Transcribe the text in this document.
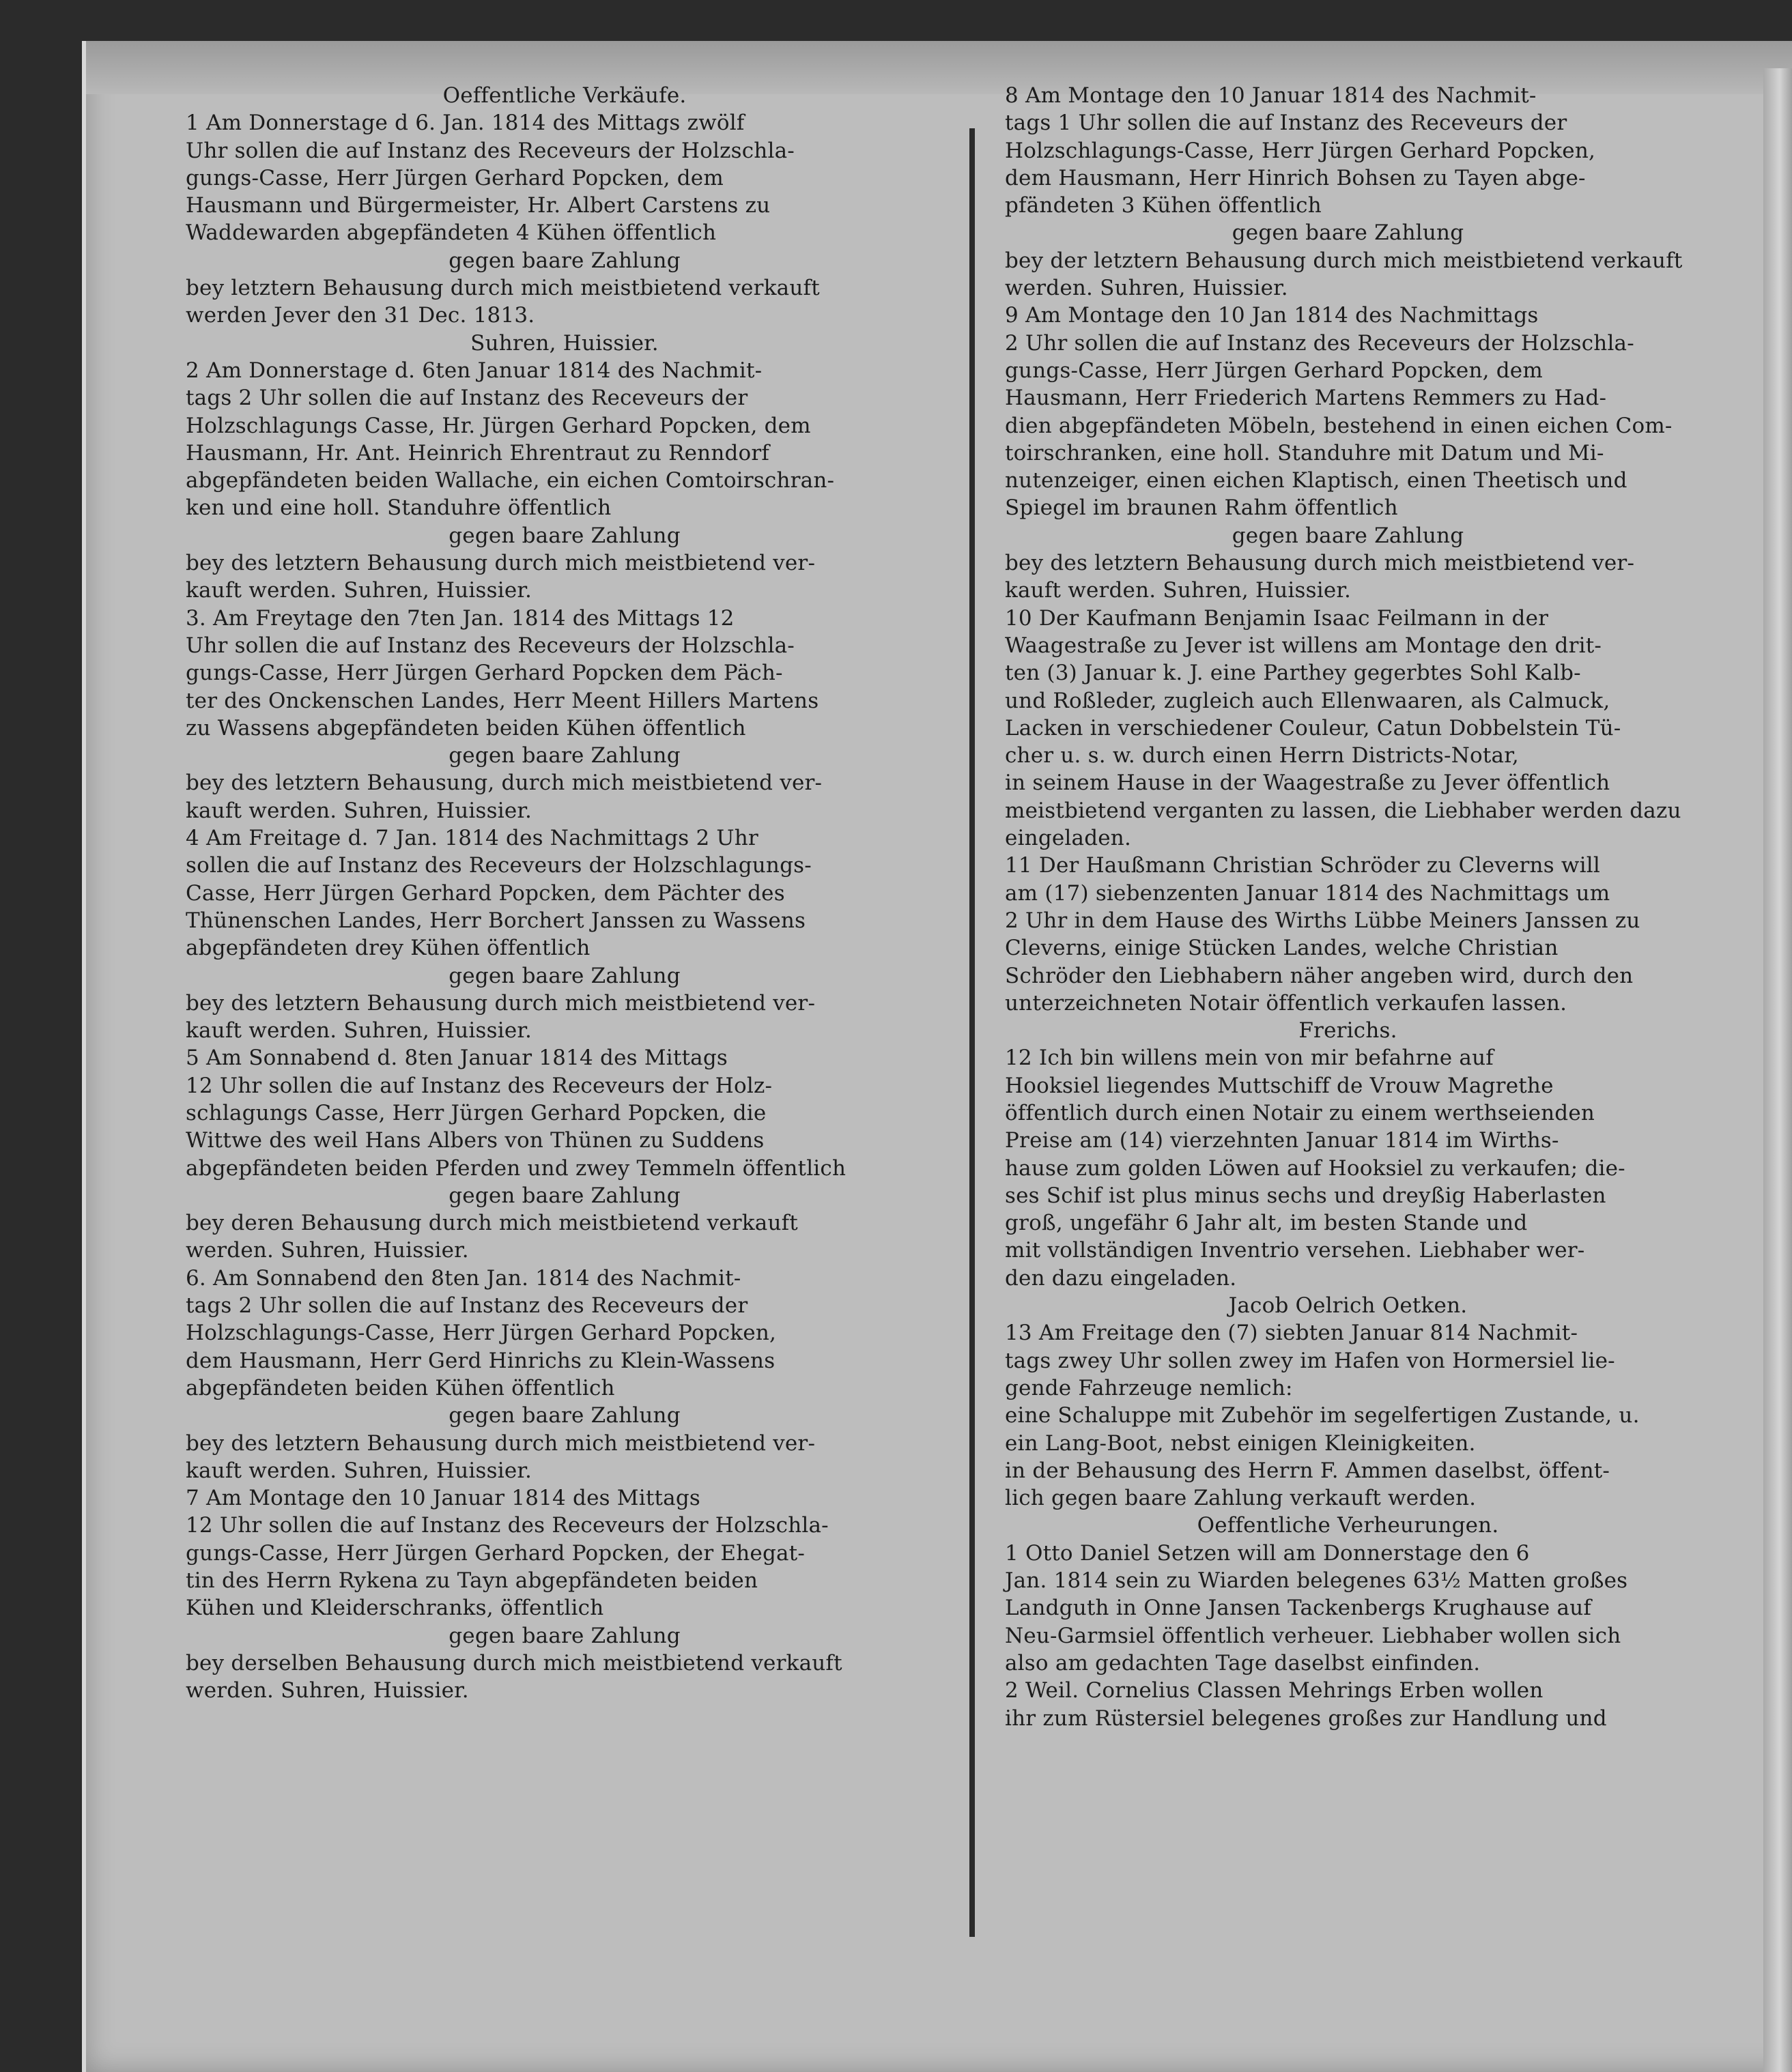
Oeffentliche Verkäufe.

1 Am Donnerstage d 6. Jan. 1814 des Mittags zwölf

Uhr sollen die auf Instanz des Receveurs der Holzschla-

gungs-Casse, Herr Jürgen Gerhard Popcken, dem

Hausmann und Bürgermeister, Hr. Albert Carstens zu

Waddewarden abgepfändeten 4 Kühen öffentlich

gegen baare Zahlung

bey letztern Behausung durch mich meistbietend verkauft

werden Jever den 31 Dec. 1813.

Suhren, Huissier.

2 Am Donnerstage d. 6ten Januar 1814 des Nachmit-

tags 2 Uhr sollen die auf Instanz des Receveurs der

Holzschlagungs Casse, Hr. Jürgen Gerhard Popcken, dem

Hausmann, Hr. Ant. Heinrich Ehrentraut zu Renndorf

abgepfändeten beiden Wallache, ein eichen Comtoirschran-

ken und eine holl. Standuhre öffentlich

gegen baare Zahlung

bey des letztern Behausung durch mich meistbietend ver-

kauft werden. Suhren, Huissier.

3. Am Freytage den 7ten Jan. 1814 des Mittags 12

Uhr sollen die auf Instanz des Receveurs der Holzschla-

gungs-Casse, Herr Jürgen Gerhard Popcken dem Päch-

ter des Onckenschen Landes, Herr Meent Hillers Martens

zu Wassens abgepfändeten beiden Kühen öffentlich

gegen baare Zahlung

bey des letztern Behausung, durch mich meistbietend ver-

kauft werden. Suhren, Huissier.

4 Am Freitage d. 7 Jan. 1814 des Nachmittags 2 Uhr

sollen die auf Instanz des Receveurs der Holzschlagungs-

Casse, Herr Jürgen Gerhard Popcken, dem Pächter des

Thünenschen Landes, Herr Borchert Janssen zu Wassens

abgepfändeten drey Kühen öffentlich

gegen baare Zahlung

bey des letztern Behausung durch mich meistbietend ver-

kauft werden. Suhren, Huissier.

5 Am Sonnabend d. 8ten Januar 1814 des Mittags

12 Uhr sollen die auf Instanz des Receveurs der Holz-

schlagungs Casse, Herr Jürgen Gerhard Popcken, die

Wittwe des weil Hans Albers von Thünen zu Suddens

abgepfändeten beiden Pferden und zwey Temmeln öffentlich

gegen baare Zahlung

bey deren Behausung durch mich meistbietend verkauft

werden. Suhren, Huissier.

6. Am Sonnabend den 8ten Jan. 1814 des Nachmit-

tags 2 Uhr sollen die auf Instanz des Receveurs der

Holzschlagungs-Casse, Herr Jürgen Gerhard Popcken,

dem Hausmann, Herr Gerd Hinrichs zu Klein-Wassens

abgepfändeten beiden Kühen öffentlich

gegen baare Zahlung

bey des letztern Behausung durch mich meistbietend ver-

kauft werden. Suhren, Huissier.

7 Am Montage den 10 Januar 1814 des Mittags

12 Uhr sollen die auf Instanz des Receveurs der Holzschla-

gungs-Casse, Herr Jürgen Gerhard Popcken, der Ehegat-

tin des Herrn Rykena zu Tayn abgepfändeten beiden

Kühen und Kleiderschranks, öffentlich

gegen baare Zahlung

bey derselben Behausung durch mich meistbietend verkauft

werden. Suhren, Huissier.

8 Am Montage den 10 Januar 1814 des Nachmit-

tags 1 Uhr sollen die auf Instanz des Receveurs der

Holzschlagungs-Casse, Herr Jürgen Gerhard Popcken,

dem Hausmann, Herr Hinrich Bohsen zu Tayen abge-

pfändeten 3 Kühen öffentlich

gegen baare Zahlung

bey der letztern Behausung durch mich meistbietend verkauft

werden. Suhren, Huissier.

9 Am Montage den 10 Jan 1814 des Nachmittags

2 Uhr sollen die auf Instanz des Receveurs der Holzschla-

gungs-Casse, Herr Jürgen Gerhard Popcken, dem

Hausmann, Herr Friederich Martens Remmers zu Had-

dien abgepfändeten Möbeln, bestehend in einen eichen Com-

toirschranken, eine holl. Standuhre mit Datum und Mi-

nutenzeiger, einen eichen Klaptisch, einen Theetisch und

Spiegel im braunen Rahm öffentlich

gegen baare Zahlung

bey des letztern Behausung durch mich meistbietend ver-

kauft werden. Suhren, Huissier.

10 Der Kaufmann Benjamin Isaac Feilmann in der

Waagestraße zu Jever ist willens am Montage den drit-

ten (3) Januar k. J. eine Parthey gegerbtes Sohl Kalb-

und Roßleder, zugleich auch Ellenwaaren, als Calmuck,

Lacken in verschiedener Couleur, Catun Dobbelstein Tü-

cher u. s. w. durch einen Herrn Districts-Notar,

in seinem Hause in der Waagestraße zu Jever öffentlich

meistbietend verganten zu lassen, die Liebhaber werden dazu

eingeladen.

11 Der Haußmann Christian Schröder zu Cleverns will

am (17) siebenzenten Januar 1814 des Nachmittags um

2 Uhr in dem Hause des Wirths Lübbe Meiners Janssen zu

Cleverns, einige Stücken Landes, welche Christian

Schröder den Liebhabern näher angeben wird, durch den

unterzeichneten Notair öffentlich verkaufen lassen.

Frerichs.

12 Ich bin willens mein von mir befahrne auf

Hooksiel liegendes Muttschiff de Vrouw Magrethe

öffentlich durch einen Notair zu einem werthseienden

Preise am (14) vierzehnten Januar 1814 im Wirths-

hause zum golden Löwen auf Hooksiel zu verkaufen; die-

ses Schif ist plus minus sechs und dreyßig Haberlasten

groß, ungefähr 6 Jahr alt, im besten Stande und

mit vollständigen Inventrio versehen. Liebhaber wer-

den dazu eingeladen.

Jacob Oelrich Oetken.

13 Am Freitage den (7) siebten Januar 814 Nachmit-

tags zwey Uhr sollen zwey im Hafen von Hormersiel lie-

gende Fahrzeuge nemlich:

eine Schaluppe mit Zubehör im segelfertigen Zustande, u.

ein Lang-Boot, nebst einigen Kleinigkeiten.

in der Behausung des Herrn F. Ammen daselbst, öffent-

lich gegen baare Zahlung verkauft werden.

Oeffentliche Verheurungen.

1 Otto Daniel Setzen will am Donnerstage den 6

Jan. 1814 sein zu Wiarden belegenes 63½ Matten großes

Landguth in Onne Jansen Tackenbergs Krughause auf

Neu-Garmsiel öffentlich verheuer. Liebhaber wollen sich

also am gedachten Tage daselbst einfinden.

2 Weil. Cornelius Classen Mehrings Erben wollen

ihr zum Rüstersiel belegenes großes zur Handlung und
